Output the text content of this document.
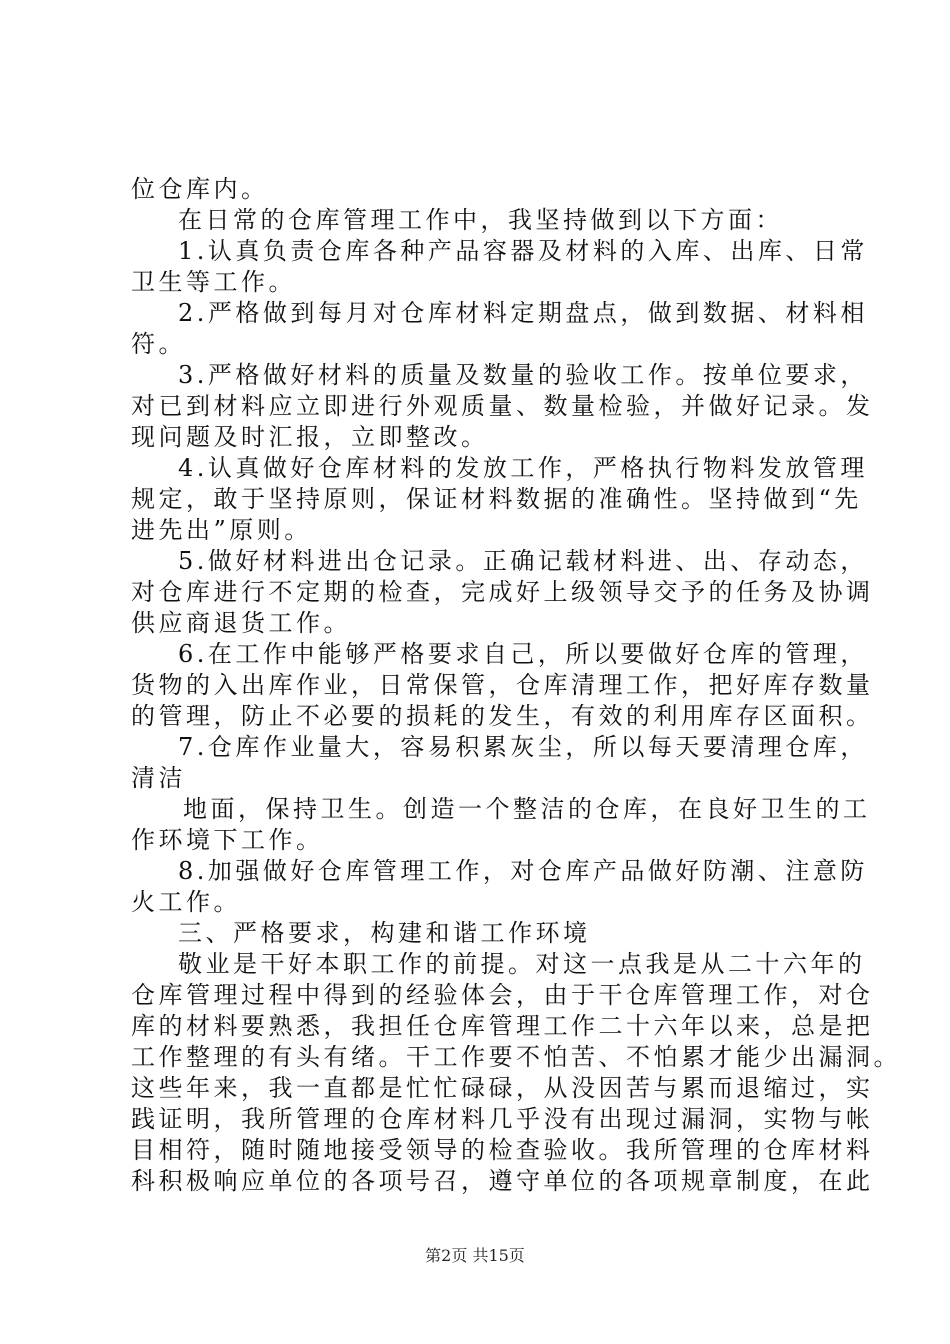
位仓库内。
在日常的仓库管理工作中，我坚持做到以下方面：
1.认真负责仓库各种产品容器及材料的入库、出库、日常
卫生等工作。
2.严格做到每月对仓库材料定期盘点，做到数据、材料相
符。
3.严格做好材料的质量及数量的验收工作。按单位要求，
对已到材料应立即进行外观质量、数量检验，并做好记录。发
现问题及时汇报，立即整改。
4.认真做好仓库材料的发放工作，严格执行物料发放管理
规定，敢于坚持原则，保证材料数据的准确性。坚持做到“先
进先出”原则。
5.做好材料进出仓记录。正确记载材料进、出、存动态，
对仓库进行不定期的检查，完成好上级领导交予的任务及协调
供应商退货工作。
6.在工作中能够严格要求自己，所以要做好仓库的管理，
货物的入出库作业，日常保管，仓库清理工作，把好库存数量
的管理，防止不必要的损耗的发生，有效的利用库存区面积。
7.仓库作业量大，容易积累灰尘，所以每天要清理仓库，
清洁
地面，保持卫生。创造一个整洁的仓库，在良好卫生的工
作环境下工作。
8.加强做好仓库管理工作，对仓库产品做好防潮、注意防
火工作。
三、严格要求，构建和谐工作环境
敬业是干好本职工作的前提。对这一点我是从二十六年的
仓库管理过程中得到的经验体会，由于干仓库管理工作，对仓
库的材料要熟悉，我担任仓库管理工作二十六年以来，总是把
工作整理的有头有绪。干工作要不怕苦、不怕累才能少出漏洞。
这些年来，我一直都是忙忙碌碌，从没因苦与累而退缩过，实
践证明，我所管理的仓库材料几乎没有出现过漏洞，实物与帐
目相符，随时随地接受领导的检查验收。我所管理的仓库材料
科积极响应单位的各项号召，遵守单位的各项规章制度，在此
第2页 共15页
